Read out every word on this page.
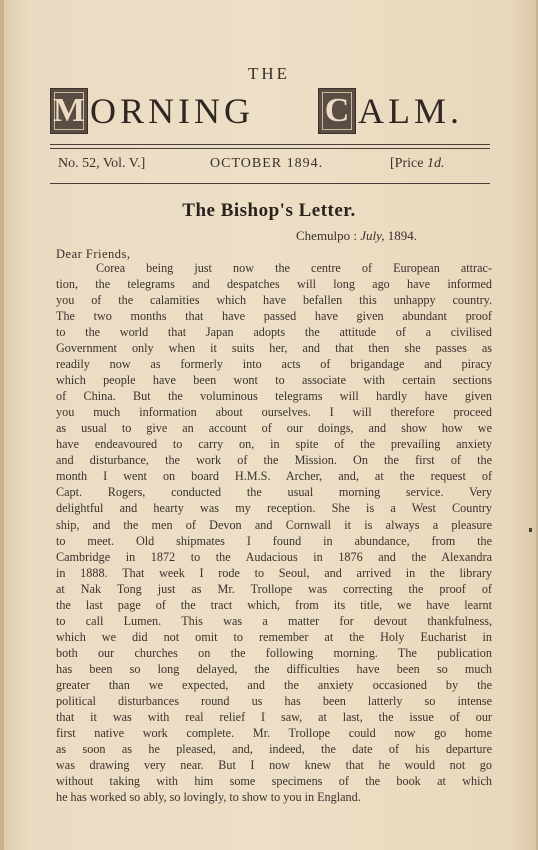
THE
M ORNING C ALM.
No. 52, Vol. V.]	OCTOBER 1894.	[Price 1d.
The Bishop's Letter.
Chemulpo : July, 1894.
Dear Friends,
Corea being just now the centre of European attrac-
tion, the telegrams and despatches will long ago have informed
you of the calamities which have befallen this unhappy country.
The two months that have passed have given abundant proof
to the world that Japan adopts the attitude of a civilised
Government only when it suits her, and that then she passes as
readily now as formerly into acts of brigandage and piracy
which people have been wont to associate with certain sections
of China. But the voluminous telegrams will hardly have given
you much information about ourselves. I will therefore proceed
as usual to give an account of our doings, and show how we
have endeavoured to carry on, in spite of the prevailing anxiety
and disturbance, the work of the Mission. On the first of the
month I went on board H.M.S. Archer, and, at the request of
Capt. Rogers, conducted the usual morning service. Very
delightful and hearty was my reception. She is a West Country
ship, and the men of Devon and Cornwall it is always a pleasure
to meet. Old shipmates I found in abundance, from the
Cambridge in 1872 to the Audacious in 1876 and the Alexandra
in 1888. That week I rode to Seoul, and arrived in the library
at Nak Tong just as Mr. Trollope was correcting the proof of
the last page of the tract which, from its title, we have learnt
to call Lumen. This was a matter for devout thankfulness,
which we did not omit to remember at the Holy Eucharist in
both our churches on the following morning. The publication
has been so long delayed, the difficulties have been so much
greater than we expected, and the anxiety occasioned by the
political disturbances round us has been latterly so intense
that it was with real relief I saw, at last, the issue of our
first native work complete. Mr. Trollope could now go home
as soon as he pleased, and, indeed, the date of his departure
was drawing very near. But I now knew that he would not go
without taking with him some specimens of the book at which
he has worked so ably, so lovingly, to show to you in England.
